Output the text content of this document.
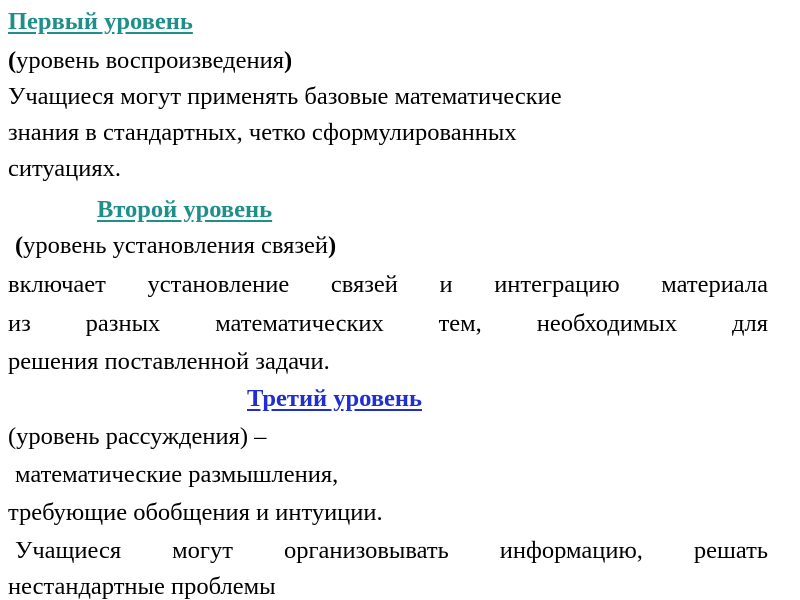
Первый уровень
(уровень воспроизведения)
Учащиеся могут применять базовые математические
знания в стандартных, четко сформулированных
ситуациях.
Второй уровень
(уровень установления связей)
включает установление связей и интеграцию материала
из разных математических тем, необходимых для
решения поставленной задачи.
Третий уровень
(уровень рассуждения) –
математические размышления,
требующие обобщения и интуиции.
Учащиеся могут организовывать информацию, решать
нестандартные проблемы
